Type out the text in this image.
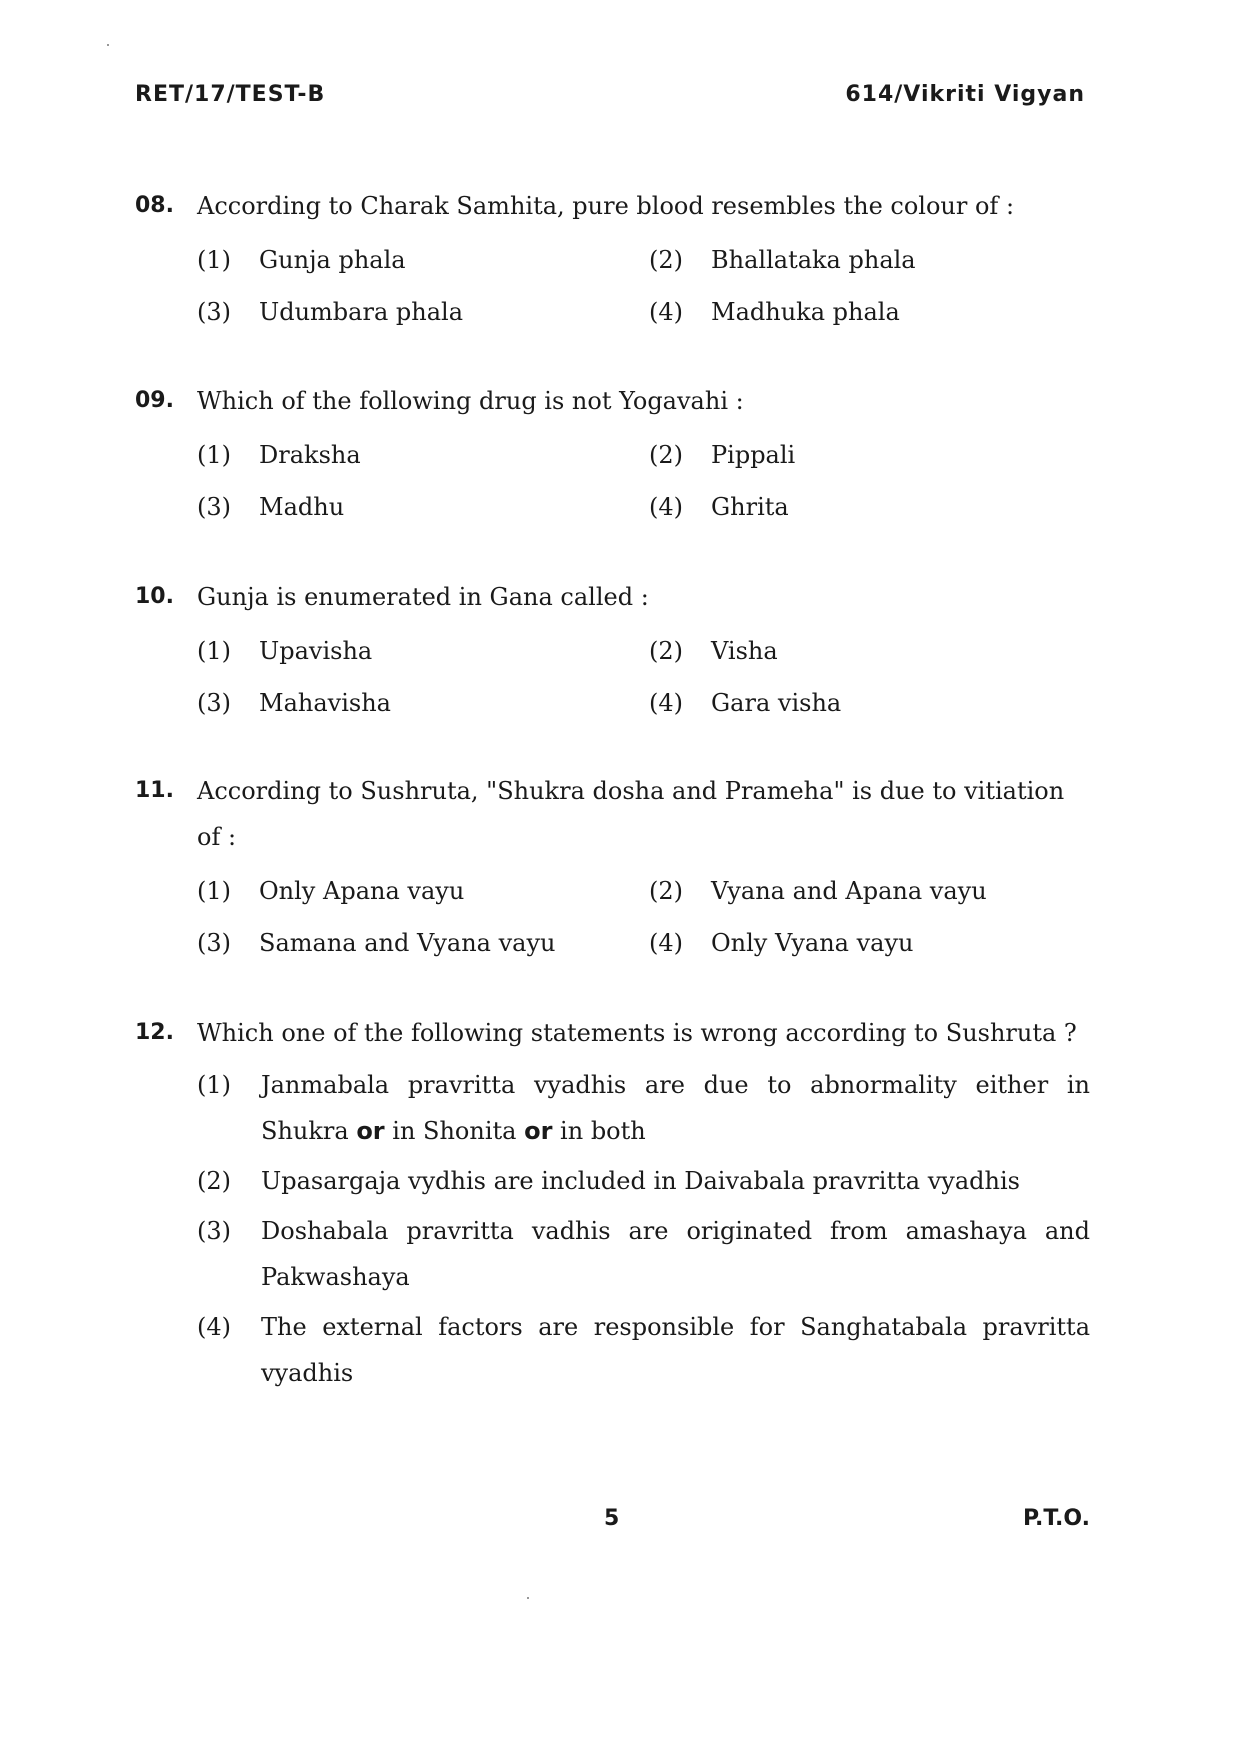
RET/17/TEST-B	614/Vikriti Vigyan
08. According to Charak Samhita, pure blood resembles the colour of :
(1)	Gunja phala	(2)	Bhallataka phala
(3)	Udumbara phala	(4)	Madhuka phala
09. Which of the following drug is not Yogavahi :
(1)	Draksha	(2)	Pippali
(3)	Madhu	(4)	Ghrita
10. Gunja is enumerated in Gana called :
(1)	Upavisha	(2)	Visha
(3)	Mahavisha	(4)	Gara visha
11. According to Sushruta, "Shukra dosha and Prameha" is due to vitiation of :
(1)	Only Apana vayu	(2)	Vyana and Apana vayu
(3)	Samana and Vyana vayu	(4)	Only Vyana vayu
12. Which one of the following statements is wrong according to Sushruta ?
(1)	Janmabala pravritta vyadhis are due to abnormality either in Shukra or in Shonita or in both
(2)	Upasargaja vydhis are included in Daivabala pravritta vyadhis
(3)	Doshabala pravritta vadhis are originated from amashaya and Pakwashaya
(4)	The external factors are responsible for Sanghatabala pravritta vyadhis
5	P.T.O.
